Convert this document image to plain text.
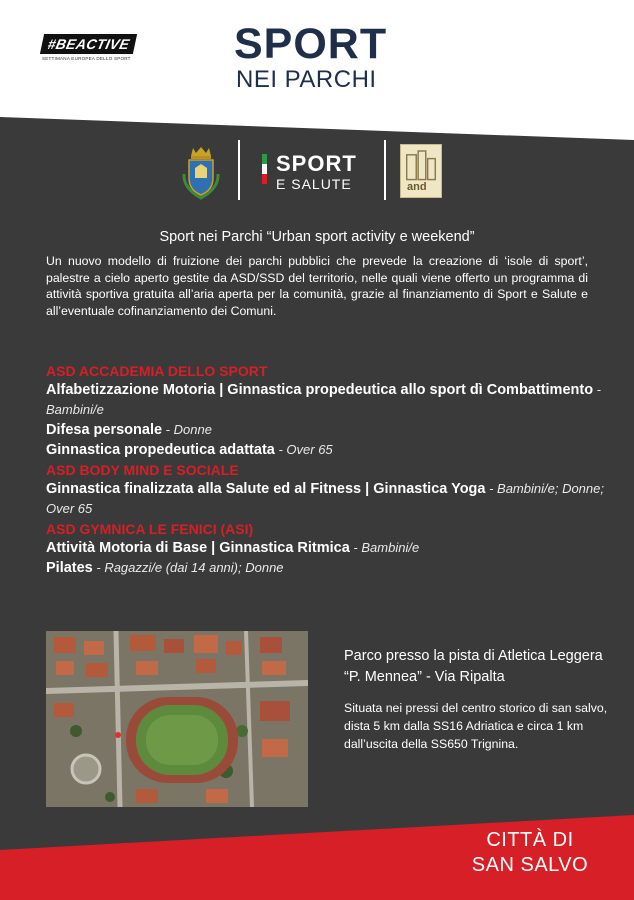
#BEACTIVE
SETTIMANA EUROPEA DELLO SPORT	SPORT
NEI PARCHI
SPORT
E SALUTE	and
Sport nei Parchi “Urban sport activity e weekend”
Un nuovo modello di fruizione dei parchi pubblici che prevede la creazione di ‘isole di sport’, palestre a cielo aperto gestite da ASD/SSD del territorio, nelle quali viene offerto un programma di attività sportiva gratuita all’aria aperta per la comunità, grazie al finanziamento di Sport e Salute e all’eventuale cofinanziamento dei Comuni.
ASD ACCADEMIA DELLO SPORT
Alfabetizzazione Motoria | Ginnastica propedeutica allo sport dì Combattimento - Bambini/e
Difesa personale - Donne
Ginnastica propedeutica adattata - Over 65
ASD BODY MIND E SOCIALE
Ginnastica finalizzata alla Salute ed al Fitness | Ginnastica Yoga - Bambini/e; Donne; Over 65
ASD GYMNICA LE FENICI (ASI)
Attività Motoria di Base | Ginnastica Ritmica - Bambini/e
Pilates - Ragazzi/e (dai 14 anni); Donne
Parco presso la pista di Atletica Leggera “P. Mennea” - Via Ripalta
Situata nei pressi del centro storico di san salvo, dista 5 km dalla SS16 Adriatica e circa 1 km dall’uscita della SS650 Trignina.
CITTÀ DI
SAN SALVO
